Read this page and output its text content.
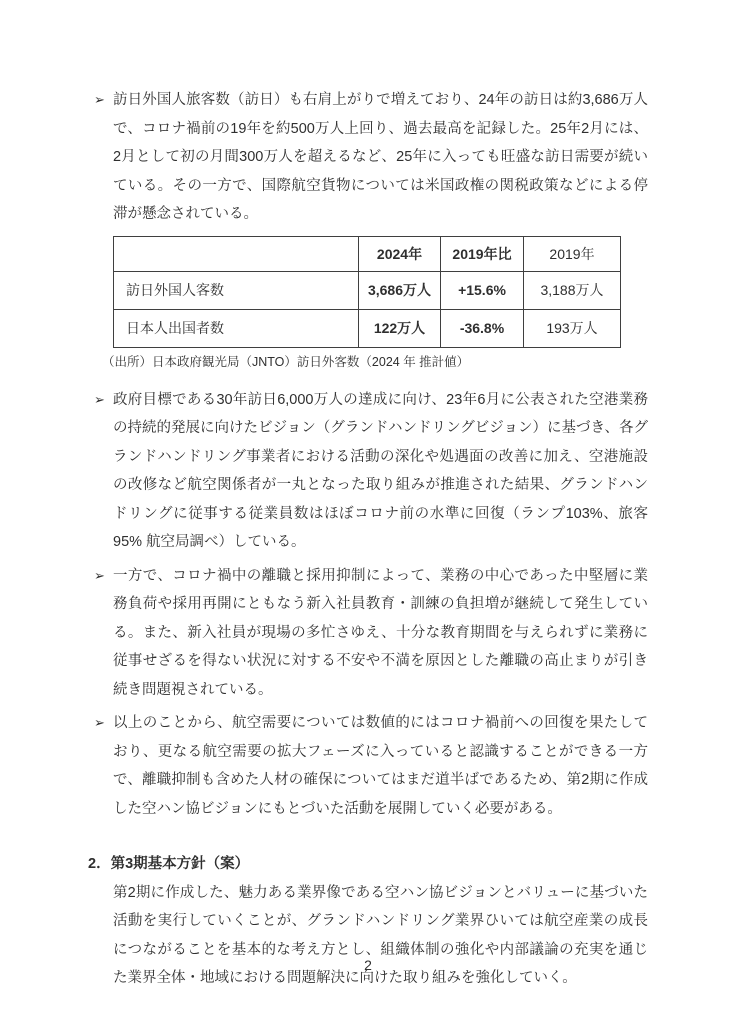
➢ 訪日外国人旅客数（訪日）も右肩上がりで増えており、24年の訪日は約3,686万人で、コロナ禍前の19年を約500万人上回り、過去最高を記録した。25年2月には、2月として初の月間300万人を超えるなど、25年に入っても旺盛な訪日需要が続いている。その一方で、国際航空貨物については米国政権の関税政策などによる停滞が懸念されている。
	2024年	2019年比	2019年
訪日外国人客数	3,686万人	+15.6%	3,188万人
日本人出国者数	122万人	-36.8%	193万人
（出所）日本政府観光局（JNTO）訪日外客数（2024 年 推計値）
➢ 政府目標である30年訪日6,000万人の達成に向け、23年6月に公表された空港業務の持続的発展に向けたビジョン（グランドハンドリングビジョン）に基づき、各グランドハンドリング事業者における活動の深化や処遇面の改善に加え、空港施設の改修など航空関係者が一丸となった取り組みが推進された結果、グランドハンドリングに従事する従業員数はほぼコロナ前の水準に回復（ランプ103%、旅客95% 航空局調べ）している。
➢ 一方で、コロナ禍中の離職と採用抑制によって、業務の中心であった中堅層に業務負荷や採用再開にともなう新入社員教育・訓練の負担増が継続して発生している。また、新入社員が現場の多忙さゆえ、十分な教育期間を与えられずに業務に従事せざるを得ない状況に対する不安や不満を原因とした離職の高止まりが引き続き問題視されている。
➢ 以上のことから、航空需要については数値的にはコロナ禍前への回復を果たしており、更なる航空需要の拡大フェーズに入っていると認識することができる一方で、離職抑制も含めた人材の確保についてはまだ道半ばであるため、第2期に作成した空ハン協ビジョンにもとづいた活動を展開していく必要がある。
2．第3期基本方針（案）
第2期に作成した、魅力ある業界像である空ハン協ビジョンとバリューに基づいた活動を実行していくことが、グランドハンドリング業界ひいては航空産業の成長につながることを基本的な考え方とし、組織体制の強化や内部議論の充実を通じた業界全体・地域における問題解決に向けた取り組みを強化していく。
2
